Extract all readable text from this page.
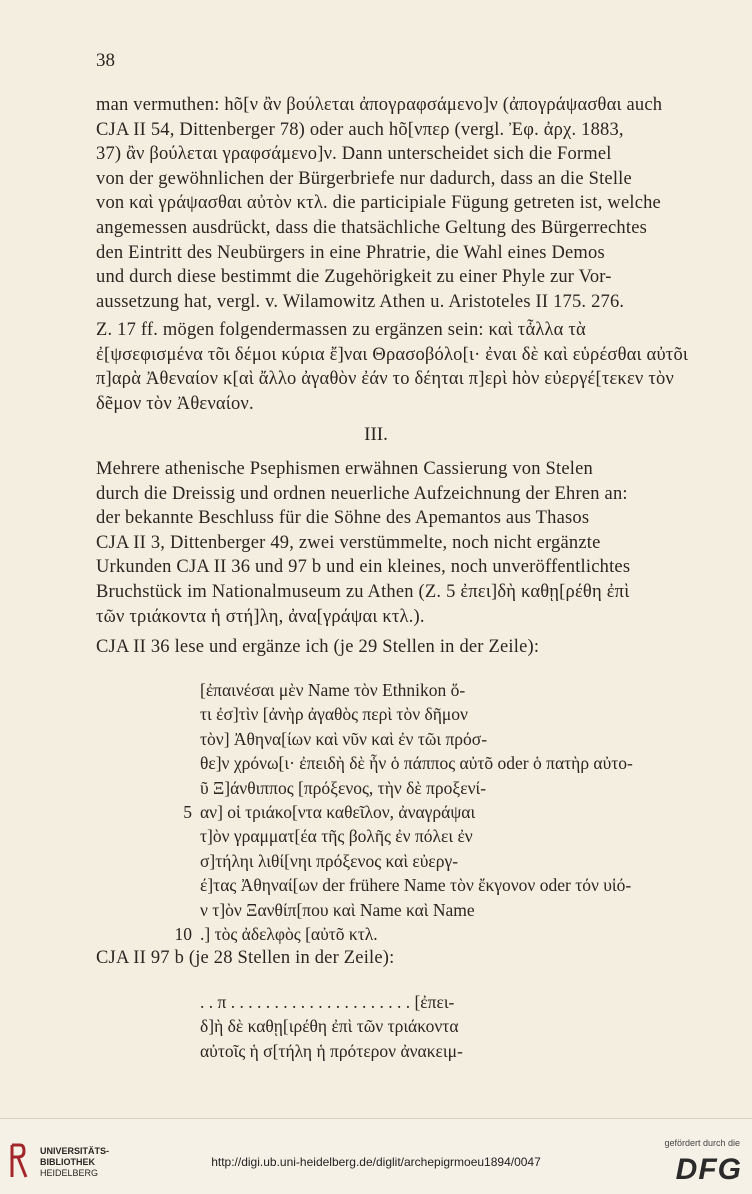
38
man vermuthen: hõ[ν ἂν βούλεται ἀπογραφσάμενο]ν (ἀπογράψασθαι auch
CJA II 54, Dittenberger 78) oder auch hõ[νπερ (vergl. Ἐφ. ἀρχ. 1883,
37) ἂν βούλεται γραφσάμενο]ν. Dann unterscheidet sich die Formel
von der gewöhnlichen der Bürgerbriefe nur dadurch, dass an die Stelle
von καὶ γράψασθαι αὐτὸν κτλ. die participiale Fügung getreten ist, welche
angemessen ausdrückt, dass die thatsächliche Geltung des Bürgerrechtes
den Eintritt des Neubürgers in eine Phratrie, die Wahl eines Demos
und durch diese bestimmt die Zugehörigkeit zu einer Phyle zur Vor-
aussetzung hat, vergl. v. Wilamowitz Athen u. Aristoteles II 175. 276.
Z. 17 ff. mögen folgendermassen zu ergänzen sein: καὶ τἆλλα τὰ
ἐ[ψσεφισμένα τõι δέμοι κύρια ἔ]ναι Θρασοβόλο[ι· ἐναι δὲ καὶ εὑρέσθαι αὐτõι
π]αρὰ Ἀθεναίον κ[αὶ ἄλλο ἀγαθὸν ἐάν το δέηται π]ερὶ hὸν εὐεργέ[τεκεν τὸν
δẽμον τὸν Ἀθεναίον.
III.
Mehrere athenische Psephismen erwähnen Cassierung von Stelen
durch die Dreissig und ordnen neuerliche Aufzeichnung der Ehren an:
der bekannte Beschluss für die Söhne des Apemantos aus Thasos
CJA II 3, Dittenberger 49, zwei verstümmelte, noch nicht ergänzte
Urkunden CJA II 36 und 97 b und ein kleines, noch unveröffentlichtes
Bruchstück im Nationalmuseum zu Athen (Z. 5 ἐπει]δὴ καθῃ[ρέθη ἐπὶ
τῶν τριάκοντα ἡ στή]λη, ἀνα[γράψαι κτλ.).
CJA II 36 lese und ergänze ich (je 29 Stellen in der Zeile):
[ἐπαινέσαι μὲν Name τὸν Ethnikon ὅ-
τι ἐσ]τὶν [ἀνὴρ ἀγαθὸς περὶ τὸν δῆμον
τὸν] Ἀθηνα[ίων καὶ νῦν καὶ ἐν τῶι πρόσ-
θε]ν χρόνω[ι· ἐπειδὴ δὲ ἦν ὁ πάππος αὐτõ oder ὁ πατὴρ αὐτο-
ῦ Ξ]άνθιππος [πρόξενος, τὴν δὲ προξενί-
5 αν] οἱ τριάκο[ντα καθεῖλον, ἀναγράψαι
τ]ὸν γραμματ[έα τῆς βολῆς ἐν πόλει ἐν
σ]τήληι λιθί[νηι πρόξενος καὶ εὐεργ-
έ]τας Ἀθηναί[ων der frühere Name τὸν ἔκγονον oder τόν υἱό-
ν τ]ὸν Ξανθίπ[που καὶ Name καὶ Name
10 .] τὸς ἀδελφὸς [αὐτõ κτλ.
CJA II 97 b (je 28 Stellen in der Zeile):
. . π . . . . . . . . . . . . . . . . . . . . . [ἐπει-
δ]ὴ δὲ καθῃ[ιρέθη ἐπὶ τῶν τριάκοντα
αὐτοῖς ἡ σ[τήλη ἡ πρότερον ἀνακειμ-
UNIVERSITÄTS-
BIBLIOTHEK
HEIDELBERG
http://digi.ub.uni-heidelberg.de/diglit/archepigrmoeu1894/0047
gefördert durch die
DFG
